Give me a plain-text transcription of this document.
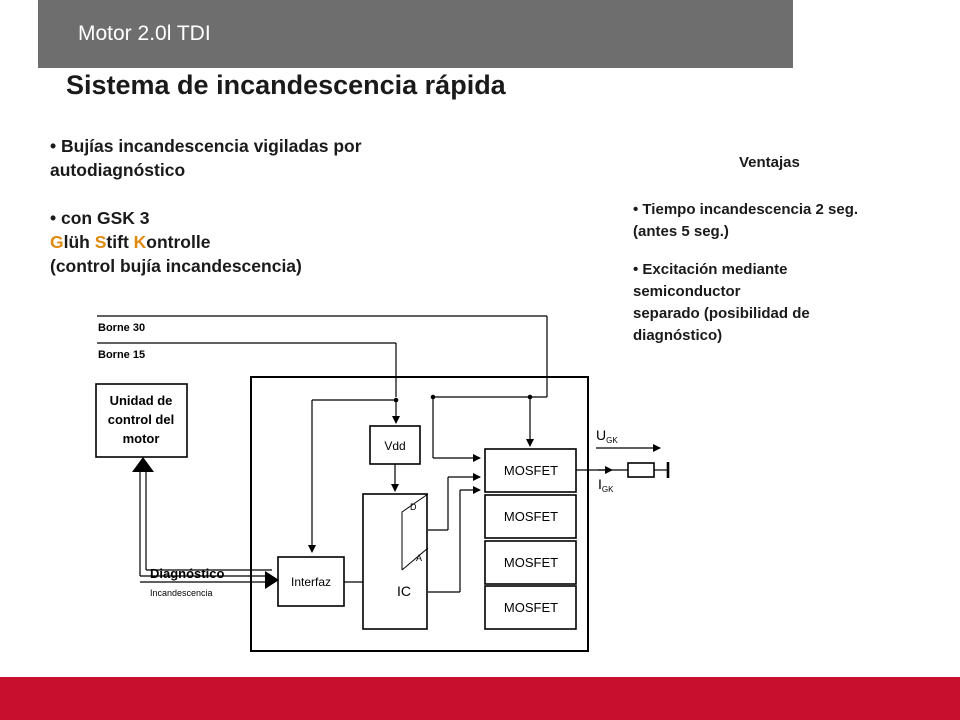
Motor 2.0l TDI
Sistema de incandescencia rápida

• Bujías incandescencia vigiladas por

autodiagnóstico

• con GSK 3

Glüh Stift Kontrolle

(control bujía incandescencia)

Ventajas

• Tiempo incandescencia 2 seg.

(antes 5 seg.)

• Excitación mediante

semiconductor

separado (posibilidad de

diagnóstico)

Borne 30
Borne 15
Unidad de
control del
motor	Vdd
MOSFET
MOSFET
MOSFET
MOSFET
IC
D
A
Interfaz
Diagnóstico
Incandescencia
$U_{GK}$
$I_{GK}$
